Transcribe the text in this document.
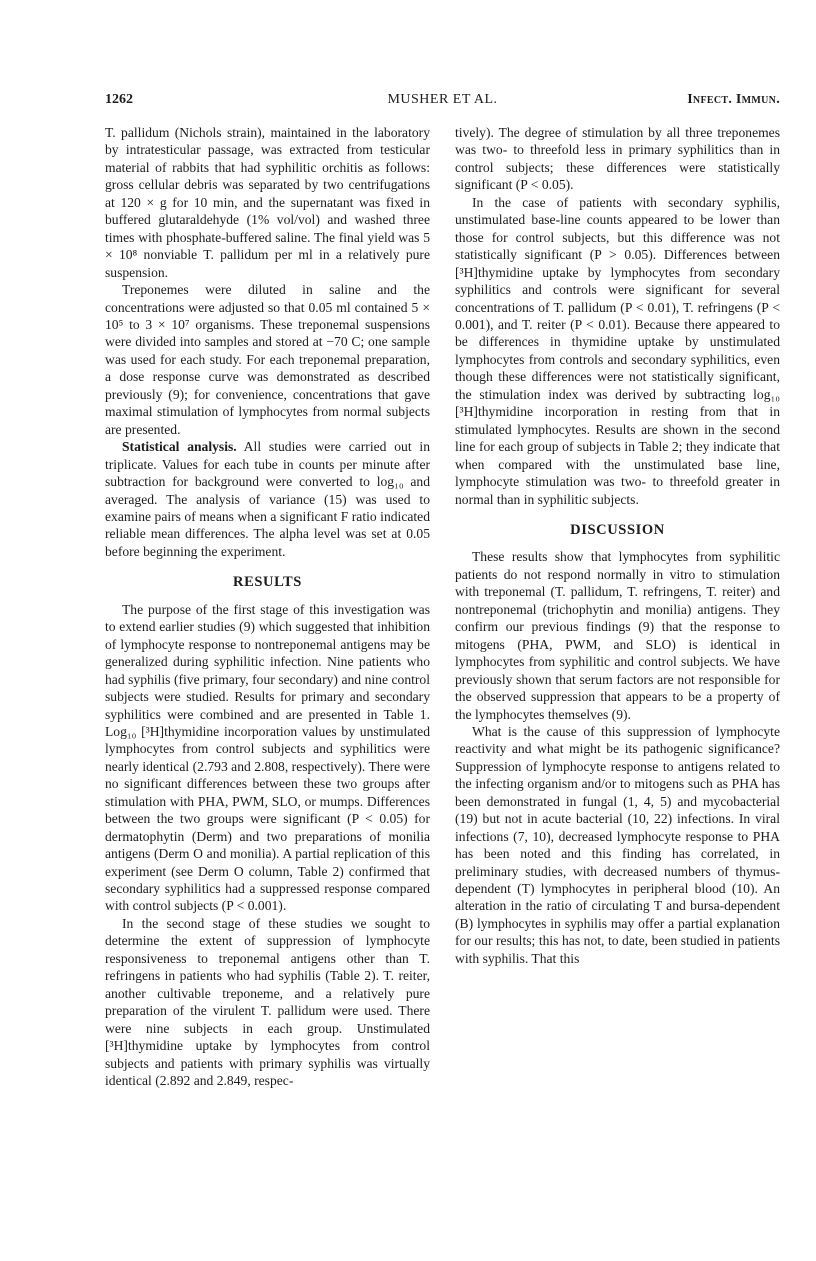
1262	MUSHER ET AL.	Infect. Immun.

T. pallidum (Nichols strain), maintained in the laboratory by intratesticular passage, was extracted from testicular material of rabbits that had syphilitic orchitis as follows: gross cellular debris was separated by two centrifugations at 120 × g for 10 min, and the supernatant was fixed in buffered glutaraldehyde (1% vol/vol) and washed three times with phosphate-buffered saline. The final yield was 5 × 10⁸ nonviable T. pallidum per ml in a relatively pure suspension.

Treponemes were diluted in saline and the concentrations were adjusted so that 0.05 ml contained 5 × 10⁵ to 3 × 10⁷ organisms. These treponemal suspensions were divided into samples and stored at −70 C; one sample was used for each study. For each treponemal preparation, a dose response curve was demonstrated as described previously (9); for convenience, concentrations that gave maximal stimulation of lymphocytes from normal subjects are presented.

Statistical analysis. All studies were carried out in triplicate. Values for each tube in counts per minute after subtraction for background were converted to log₁₀ and averaged. The analysis of variance (15) was used to examine pairs of means when a significant F ratio indicated reliable mean differences. The alpha level was set at 0.05 before beginning the experiment.

RESULTS

The purpose of the first stage of this investigation was to extend earlier studies (9) which suggested that inhibition of lymphocyte response to nontreponemal antigens may be generalized during syphilitic infection. Nine patients who had syphilis (five primary, four secondary) and nine control subjects were studied. Results for primary and secondary syphilitics were combined and are presented in Table 1. Log₁₀ [³H]thymidine incorporation values by unstimulated lymphocytes from control subjects and syphilitics were nearly identical (2.793 and 2.808, respectively). There were no significant differences between these two groups after stimulation with PHA, PWM, SLO, or mumps. Differences between the two groups were significant (P < 0.05) for dermatophytin (Derm) and two preparations of monilia antigens (Derm O and monilia). A partial replication of this experiment (see Derm O column, Table 2) confirmed that secondary syphilitics had a suppressed response compared with control subjects (P < 0.001).

In the second stage of these studies we sought to determine the extent of suppression of lymphocyte responsiveness to treponemal antigens other than T. refringens in patients who had syphilis (Table 2). T. reiter, another cultivable treponeme, and a relatively pure preparation of the virulent T. pallidum were used. There were nine subjects in each group. Unstimulated [³H]thymidine uptake by lymphocytes from control subjects and patients with primary syphilis was virtually identical (2.892 and 2.849, respec-

tively). The degree of stimulation by all three treponemes was two- to threefold less in primary syphilitics than in control subjects; these differences were statistically significant (P < 0.05).

In the case of patients with secondary syphilis, unstimulated base-line counts appeared to be lower than those for control subjects, but this difference was not statistically significant (P > 0.05). Differences between [³H]thymidine uptake by lymphocytes from secondary syphilitics and controls were significant for several concentrations of T. pallidum (P < 0.01), T. refringens (P < 0.001), and T. reiter (P < 0.01). Because there appeared to be differences in thymidine uptake by unstimulated lymphocytes from controls and secondary syphilitics, even though these differences were not statistically significant, the stimulation index was derived by subtracting log₁₀ [³H]thymidine incorporation in resting from that in stimulated lymphocytes. Results are shown in the second line for each group of subjects in Table 2; they indicate that when compared with the unstimulated base line, lymphocyte stimulation was two- to threefold greater in normal than in syphilitic subjects.

DISCUSSION

These results show that lymphocytes from syphilitic patients do not respond normally in vitro to stimulation with treponemal (T. pallidum, T. refringens, T. reiter) and nontreponemal (trichophytin and monilia) antigens. They confirm our previous findings (9) that the response to mitogens (PHA, PWM, and SLO) is identical in lymphocytes from syphilitic and control subjects. We have previously shown that serum factors are not responsible for the observed suppression that appears to be a property of the lymphocytes themselves (9).

What is the cause of this suppression of lymphocyte reactivity and what might be its pathogenic significance? Suppression of lymphocyte response to antigens related to the infecting organism and/or to mitogens such as PHA has been demonstrated in fungal (1, 4, 5) and mycobacterial (19) but not in acute bacterial (10, 22) infections. In viral infections (7, 10), decreased lymphocyte response to PHA has been noted and this finding has correlated, in preliminary studies, with decreased numbers of thymus-dependent (T) lymphocytes in peripheral blood (10). An alteration in the ratio of circulating T and bursa-dependent (B) lymphocytes in syphilis may offer a partial explanation for our results; this has not, to date, been studied in patients with syphilis. That this
